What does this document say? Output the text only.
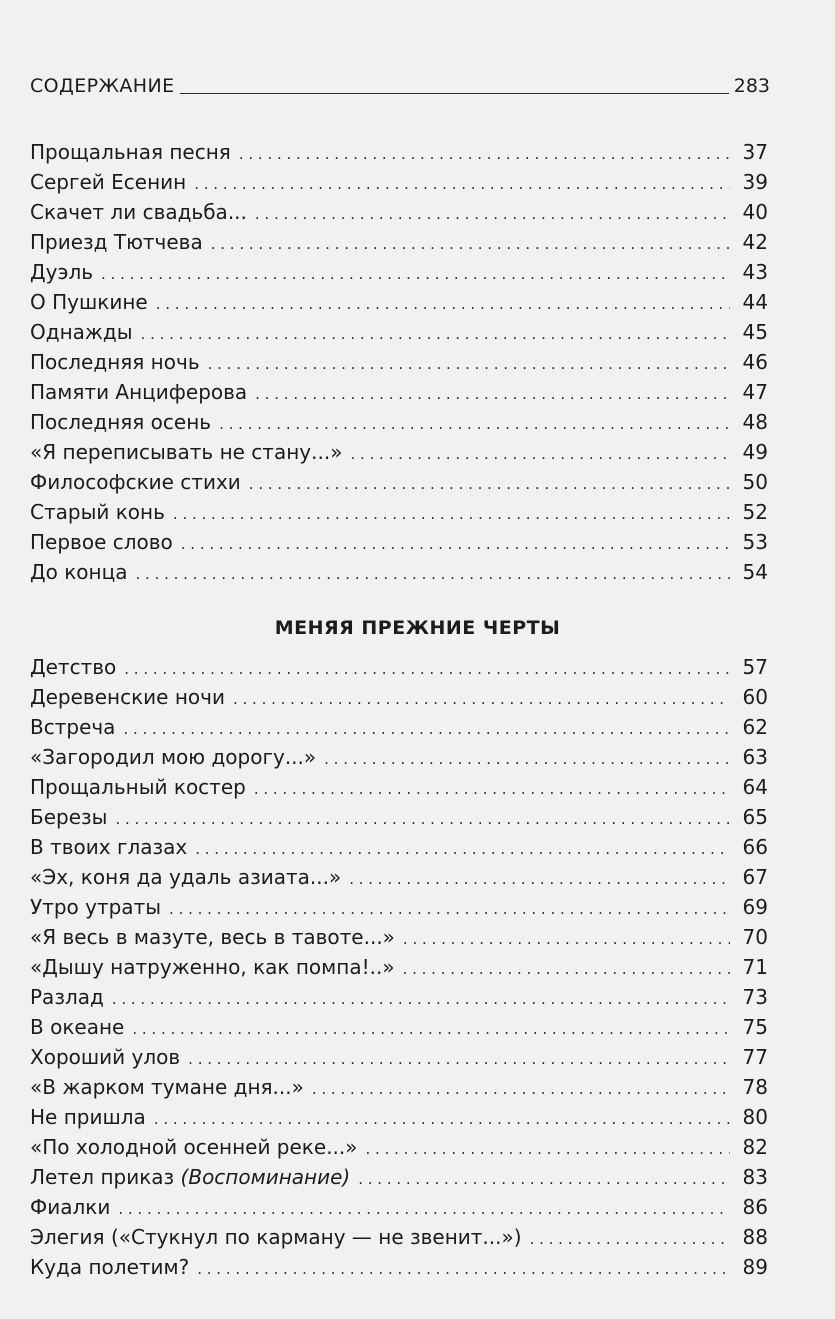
СОДЕРЖАНИЕ	283
Прощальная песня . . .	37
Сергей Есенин . . .	39
Скачет ли свадьба... . . .	40
Приезд Тютчева . . .	42
Дуэль . . .	43
О Пушкине . . .	44
Однажды . . .	45
Последняя ночь . . .	46
Памяти Анциферова . . .	47
Последняя осень . . .	48
«Я переписывать не стану...» . . .	49
Философские стихи . . .	50
Старый конь . . .	52
Первое слово . . .	53
До конца . . .	54
МЕНЯЯ ПРЕЖНИЕ ЧЕРТЫ
Детство . . .	57
Деревенские ночи . . .	60
Встреча . . .	62
«Загородил мою дорогу...» . . .	63
Прощальный костер . . .	64
Березы . . .	65
В твоих глазах . . .	66
«Эх, коня да удаль азиата...» . . .	67
Утро утраты . . .	69
«Я весь в мазуте, весь в тавоте...» . . .	70
«Дышу натруженно, как помпа!..» . . .	71
Разлад . . .	73
В океане . . .	75
Хороший улов . . .	77
«В жарком тумане дня...» . . .	78
Не пришла . . .	80
«По холодной осенней реке...» . . .	82
Летел приказ (Воспоминание) . . .	83
Фиалки . . .	86
Элегия («Стукнул по карману — не звенит...») . . .	88
Куда полетим? . . .	89
